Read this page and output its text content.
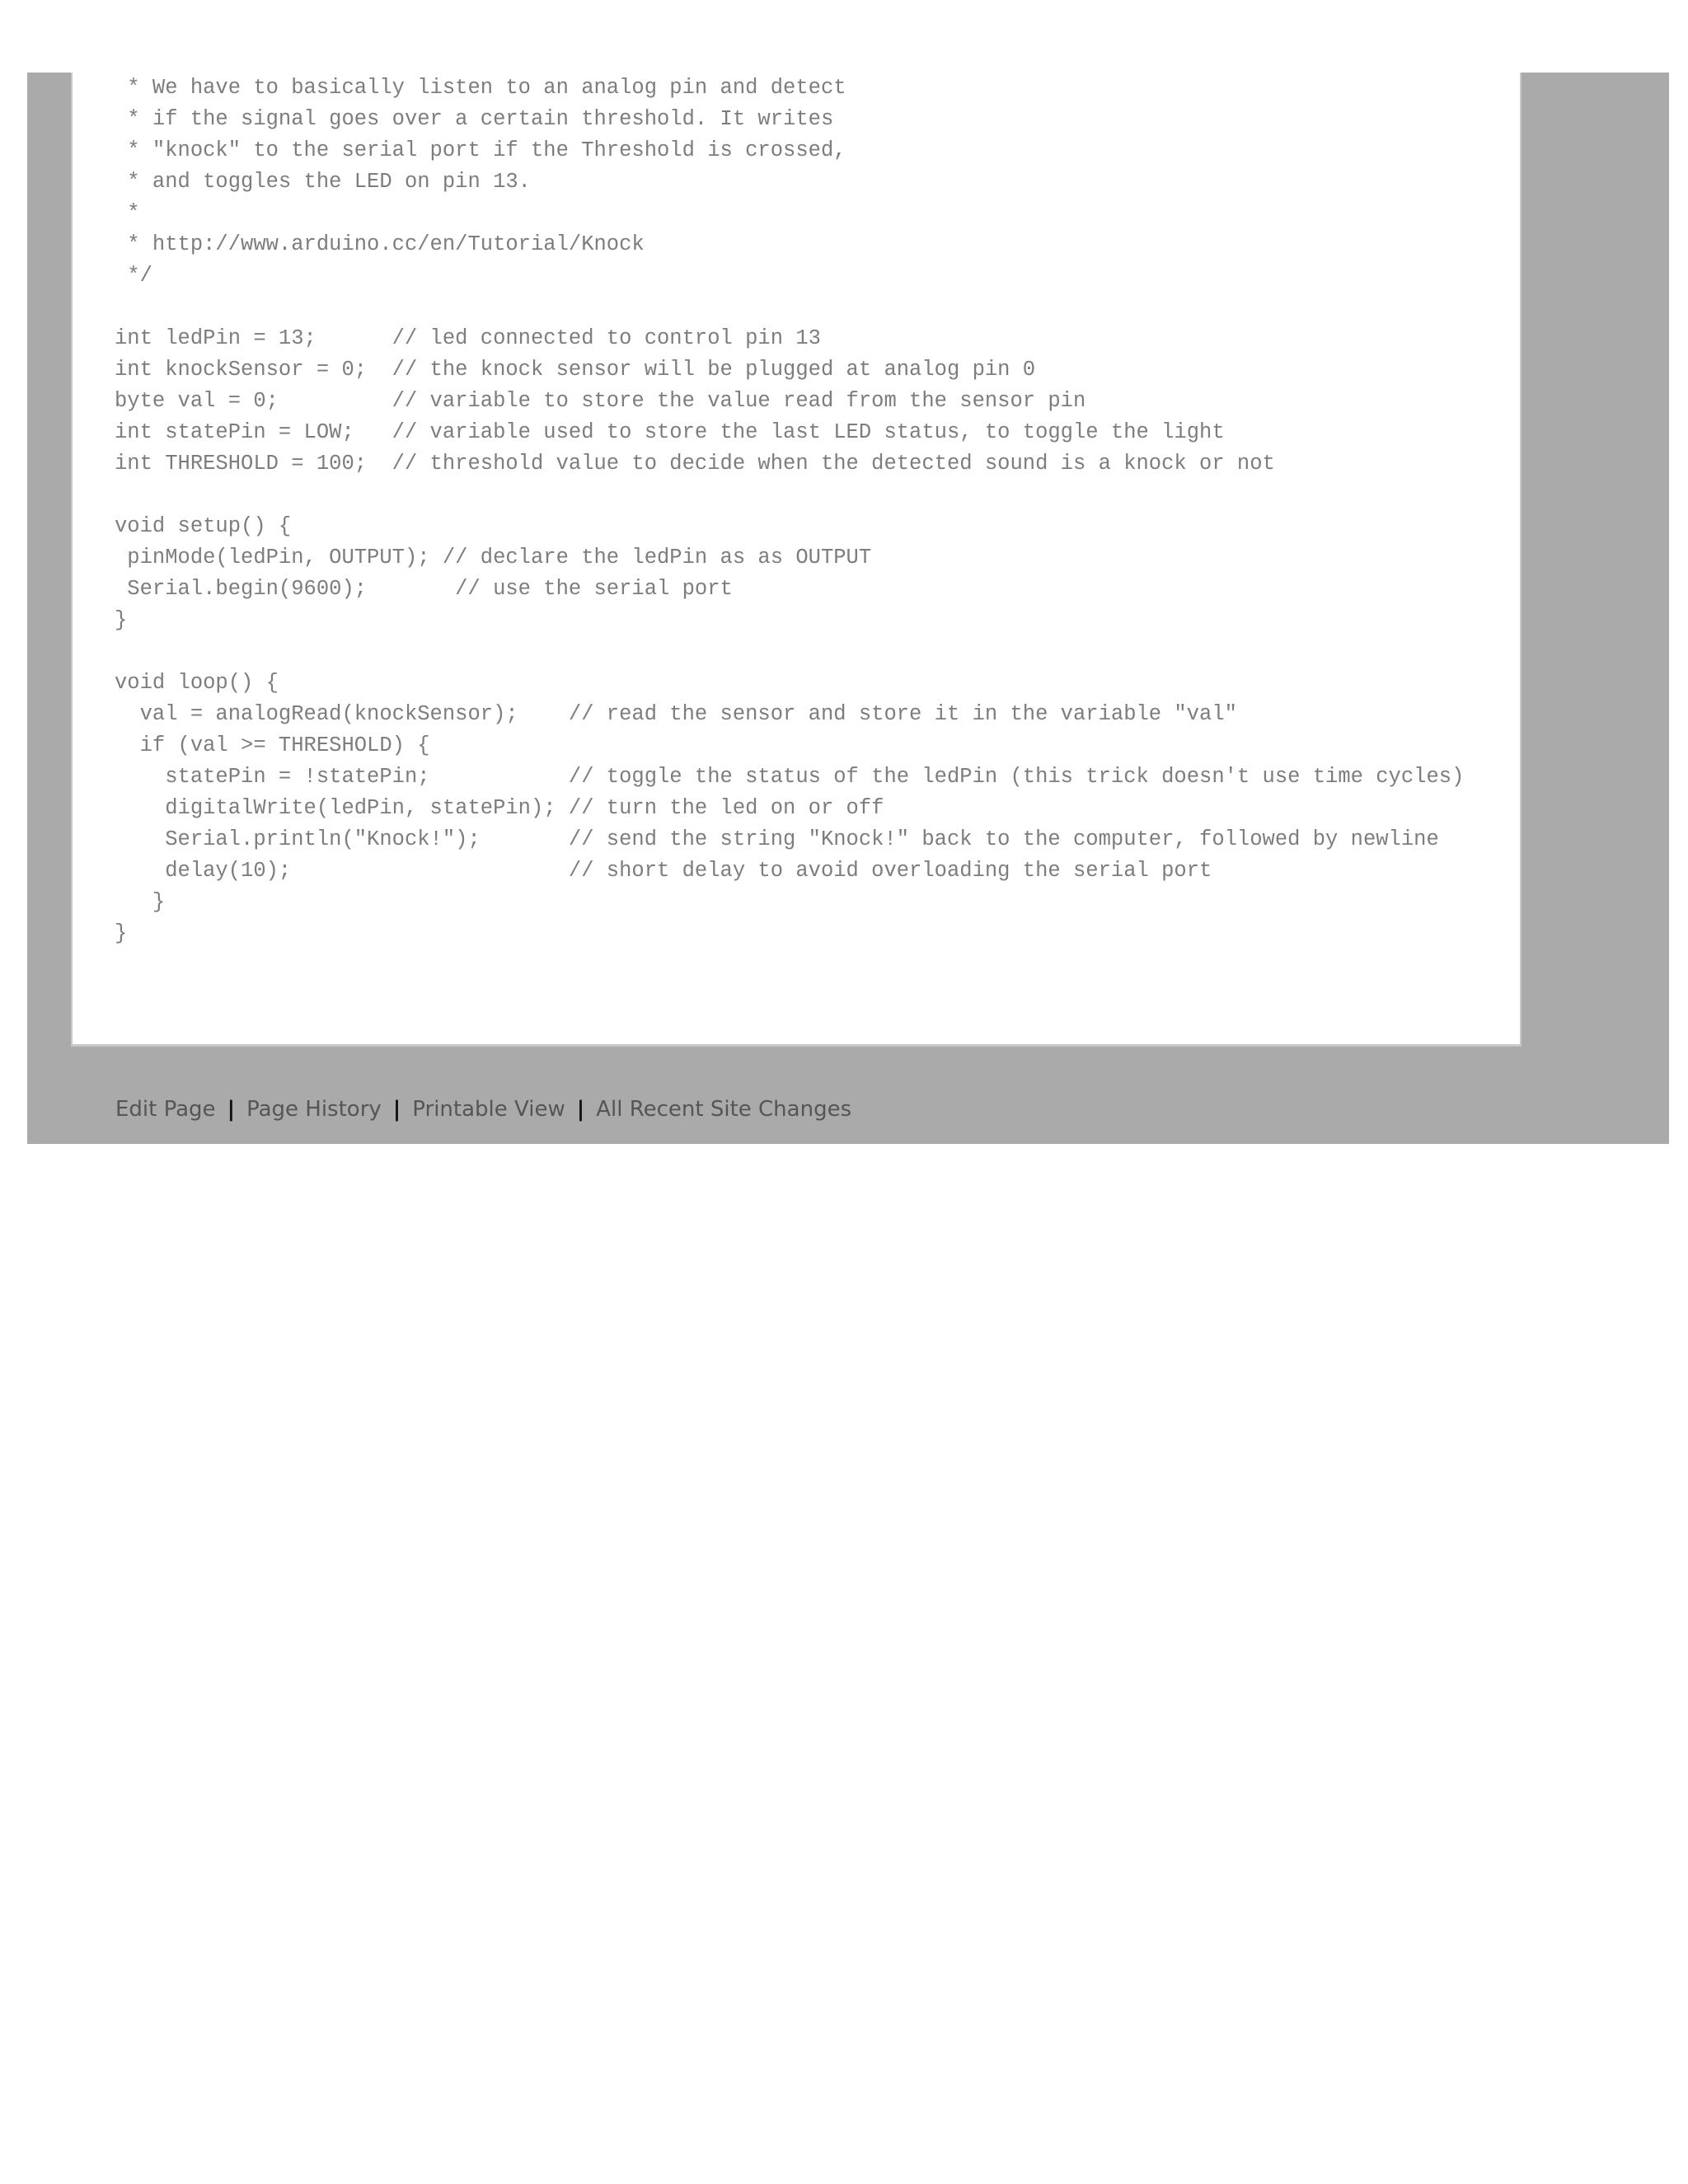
* We have to basically listen to an analog pin and detect
* if the signal goes over a certain threshold. It writes
* "knock" to the serial port if the Threshold is crossed,
* and toggles the LED on pin 13.
*
* http://www.arduino.cc/en/Tutorial/Knock
*/
int ledPin = 13;      // led connected to control pin 13
int knockSensor = 0;  // the knock sensor will be plugged at analog pin 0
byte val = 0;         // variable to store the value read from the sensor pin
int statePin = LOW;   // variable used to store the last LED status, to toggle the light
int THRESHOLD = 100;  // threshold value to decide when the detected sound is a knock or not
void setup() {
pinMode(ledPin, OUTPUT); // declare the ledPin as as OUTPUT
Serial.begin(9600);       // use the serial port
}
void loop() {
val = analogRead(knockSensor);    // read the sensor and store it in the variable "val"
if (val >= THRESHOLD) {
statePin = !statePin;           // toggle the status of the ledPin (this trick doesn't use time cycles)
digitalWrite(ledPin, statePin); // turn the led on or off
Serial.println("Knock!");       // send the string "Knock!" back to the computer, followed by newline
delay(10);                      // short delay to avoid overloading the serial port
}
}
Edit Page | Page History | Printable View | All Recent Site Changes
